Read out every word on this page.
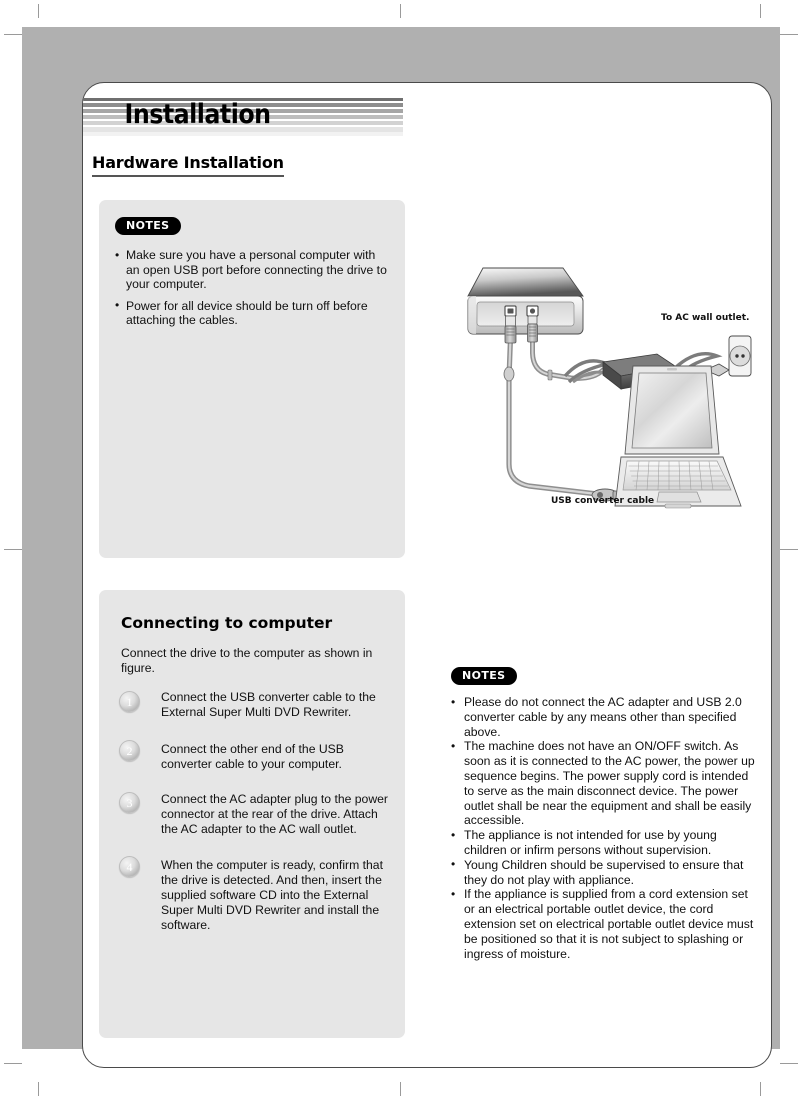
Installation
Hardware Installation
NOTES
• Make sure you have a personal computer with an open USB port before connecting the drive to your computer.
• Power for all device should be turn off before attaching the cables.	To AC wall outlet.
USB converter cable
Connecting to computer
Connect the drive to the computer as shown in figure.
1	Connect the USB converter cable to the External Super Multi DVD Rewriter.
2	Connect the other end of the USB converter cable to your computer.
3	Connect the AC adapter plug to the power connector at the rear of the drive. Attach the AC adapter to the AC wall outlet.
4	When the computer is ready, confirm that the drive is detected. And then, insert the supplied software CD into the External Super Multi DVD Rewriter and install the software.
NOTES
• Please do not connect the AC adapter and USB 2.0 converter cable by any means other than specified above.
• The machine does not have an ON/OFF switch. As soon as it is connected to the AC power, the power up sequence begins. The power supply cord is intended to serve as the main disconnect device. The power outlet shall be near the equipment and shall be easily accessible.
• The appliance is not intended for use by young children or infirm persons without supervision.
• Young Children should be supervised to ensure that they do not play with appliance.
• If the appliance is supplied from a cord extension set or an electrical portable outlet device, the cord extension set on electrical portable outlet device must be positioned so that it is not subject to splashing or ingress of moisture.
